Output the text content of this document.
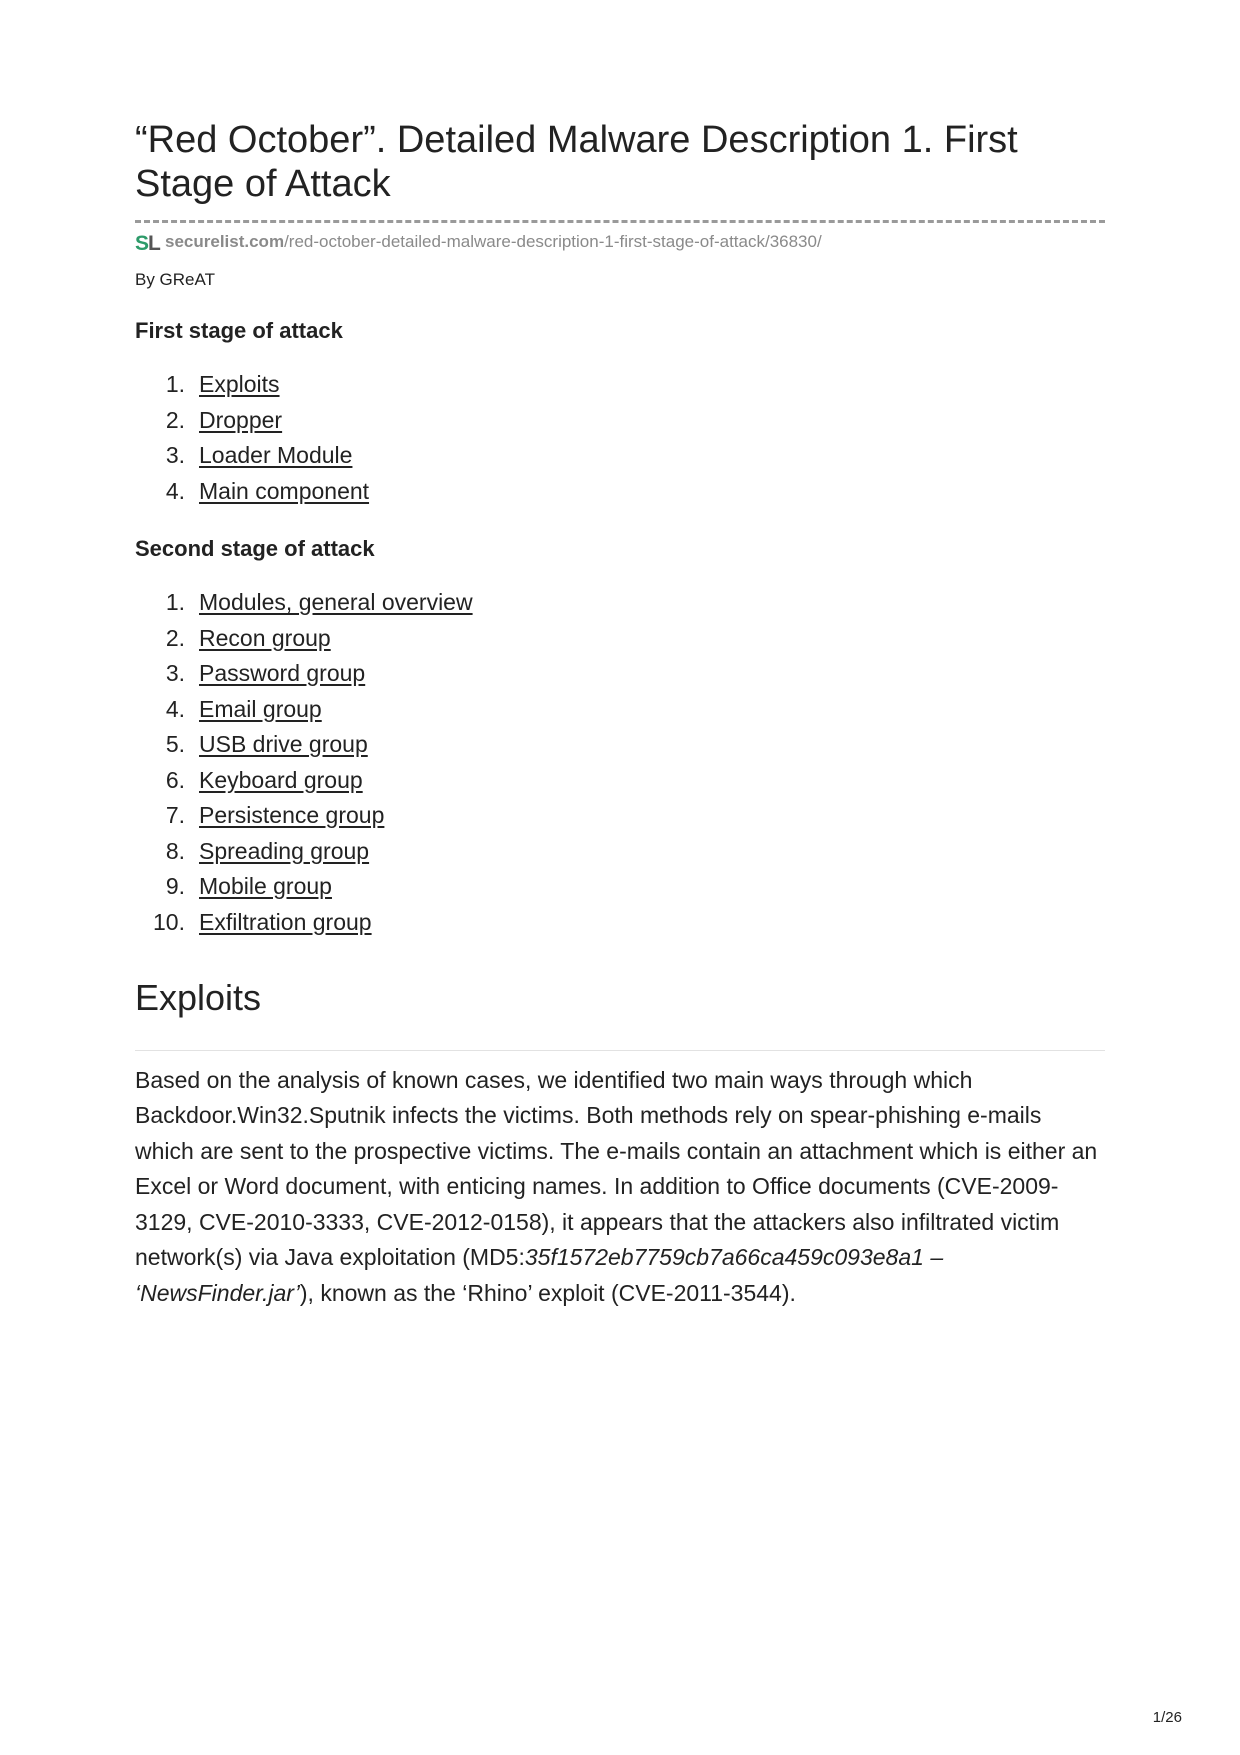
“Red October”. Detailed Malware Description 1. First Stage of Attack
S
L securelist.com /red-october-detailed-malware-description-1-first-stage-of-attack/36830/
By GReAT
First stage of attack
1. Exploits
2. Dropper
3. Loader Module
4. Main component
Second stage of attack
1. Modules, general overview
2. Recon group
3. Password group
4. Email group
5. USB drive group
6. Keyboard group
7. Persistence group
8. Spreading group
9. Mobile group
10. Exfiltration group
Exploits

Based on the analysis of known cases, we identified two main ways through which Backdoor.Win32.Sputnik infects the victims. Both methods rely on spear-phishing e-mails which are sent to the prospective victims. The e-mails contain an attachment which is either an Excel or Word document, with enticing names. In addition to Office documents (CVE-2009-3129, CVE-2010-3333, CVE-2012-0158), it appears that the attackers also infiltrated victim network(s) via Java exploitation (MD5:35f1572eb7759cb7a66ca459c093e8a1 – ‘NewsFinder.jar’), known as the ‘Rhino’ exploit (CVE-2011-3544).

1/26
